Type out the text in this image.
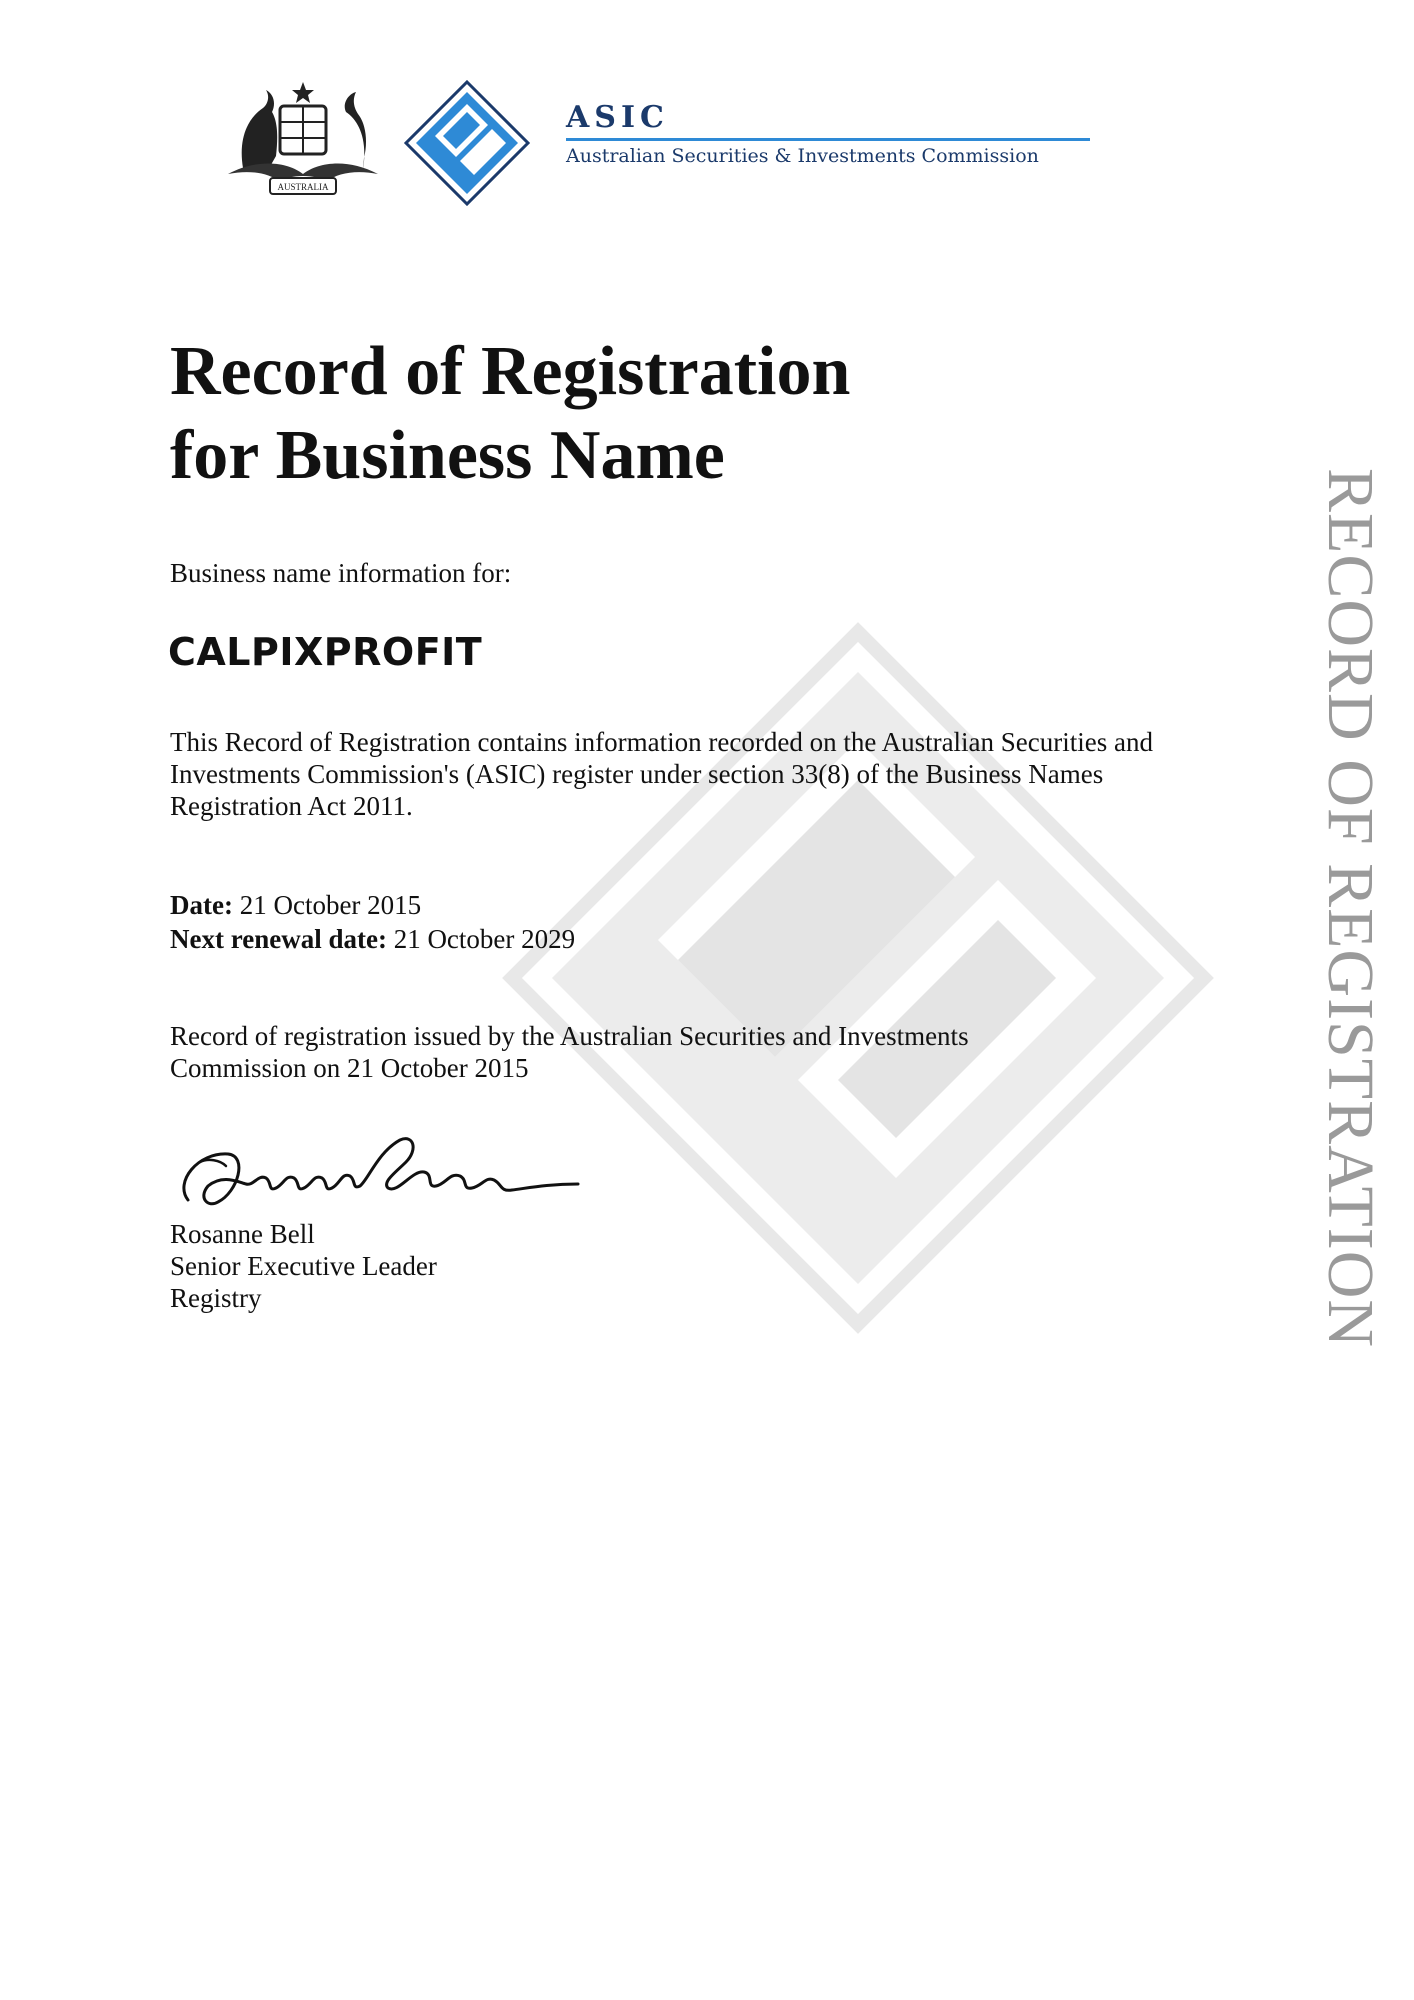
AUSTRALIA
ASIC
Australian Securities & Investments Commission
RECORD OF REGISTRATION
Record of Registration
for Business Name
Business name information for:
CALPIXPROFIT

This Record of Registration contains information recorded on the Australian Securities and Investments Commission's (ASIC) register under section 33(8) of the Business Names Registration Act 2011.

Date: 21 October 2015
Next renewal date: 21 October 2029

Record of registration issued by the Australian Securities and Investments Commission on 21 October 2015

Rosanne Bell
Senior Executive Leader
Registry
